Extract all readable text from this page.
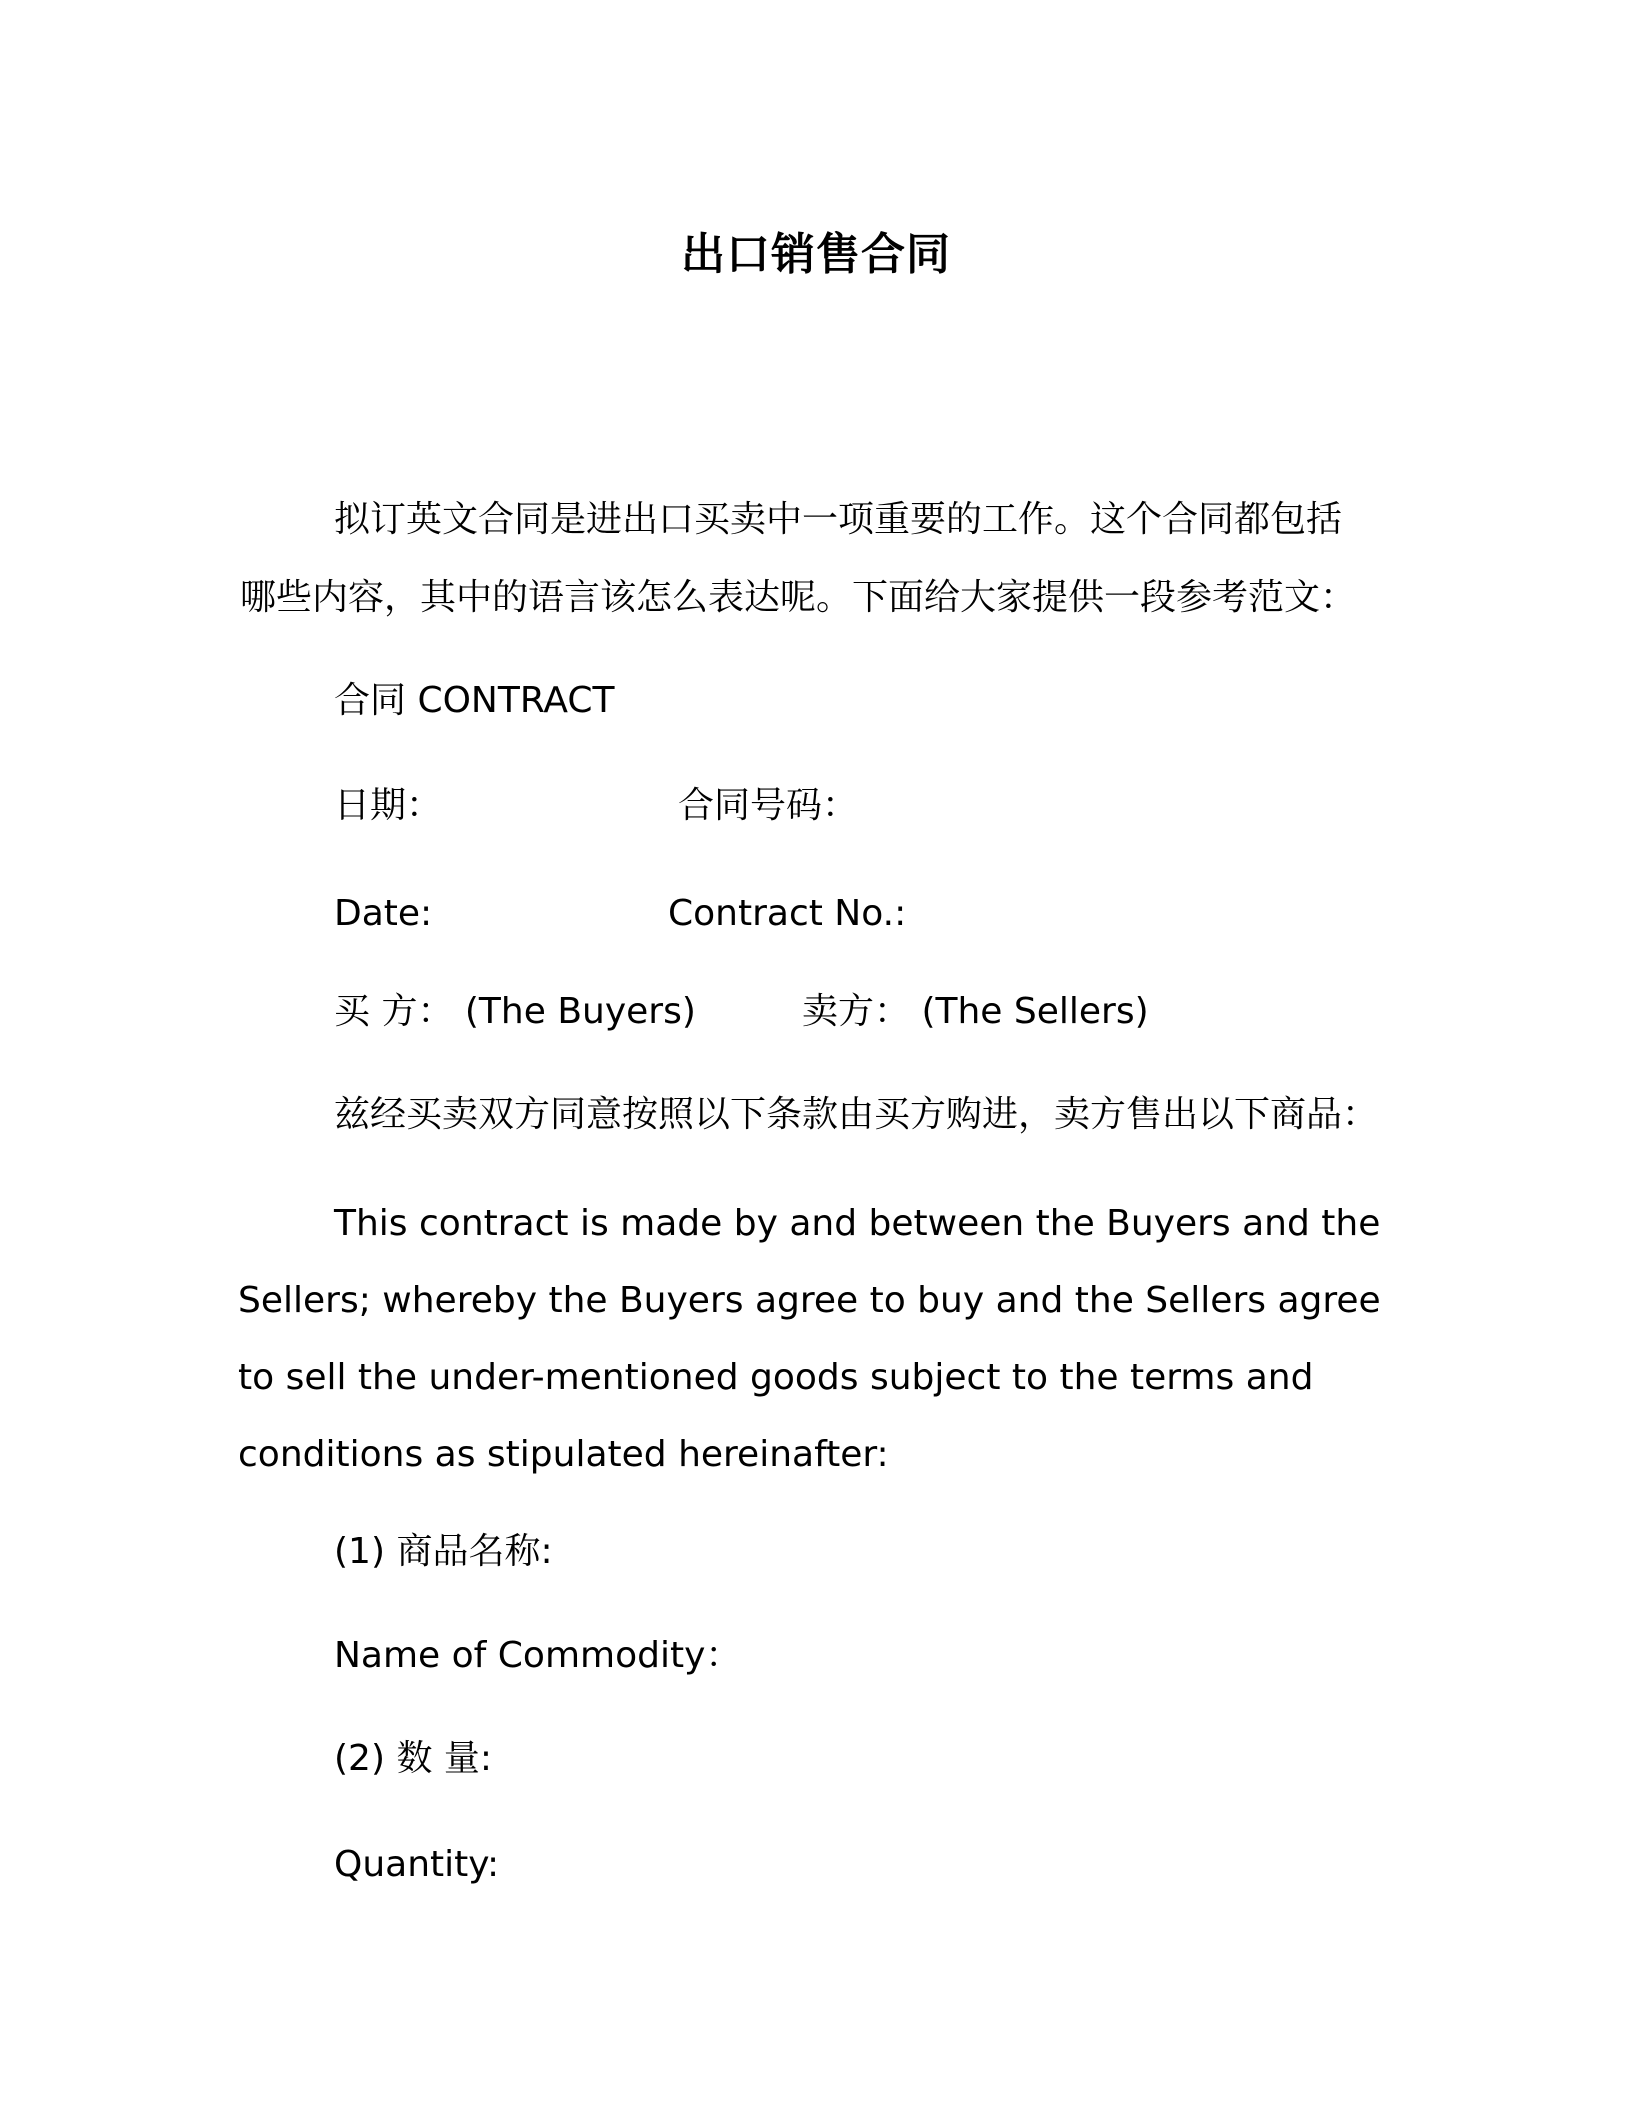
出口销售合同
拟订英文合同是进出口买卖中一项重要的工作。这个合同都包括
哪些内容，其中的语言该怎么表达呢。下面给大家提供一段参考范文：
合同 CONTRACT
日期：	合同号码：
Date:	Contract No.:
买 方： (The Buyers)	卖方： (The Sellers)
兹经买卖双方同意按照以下条款由买方购进，卖方售出以下商品：
This contract is made by and between the Buyers and the
Sellers; whereby the Buyers agree to buy and the Sellers agree
to sell the under-mentioned goods subject to the terms and
conditions as stipulated hereinafter:
(1) 商品名称:
Name of Commodity：
(2) 数 量:
Quantity:
